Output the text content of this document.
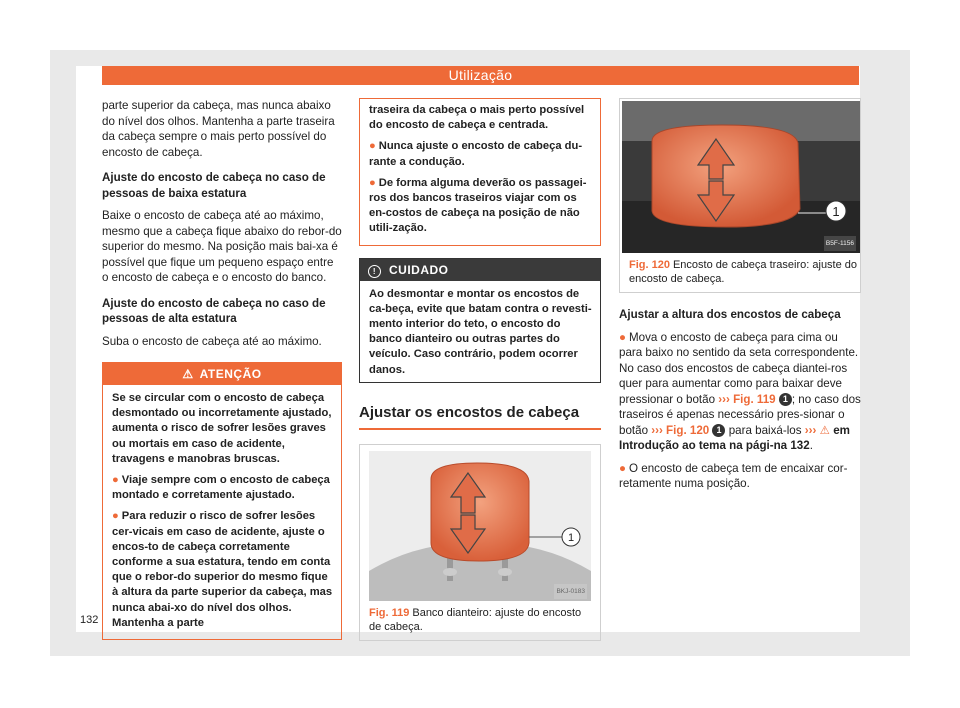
Utilização

parte superior da cabeça, mas nunca abaixo do nível dos olhos. Mantenha a parte traseira da cabeça sempre o mais perto possível do encosto de cabeça.

Ajuste do encosto de cabeça no caso de pessoas de baixa estatura

Baixe o encosto de cabeça até ao máximo, mesmo que a cabeça fique abaixo do rebor-do superior do mesmo. Na posição mais bai-xa é possível que fique um pequeno espaço entre o encosto de cabeça e o encosto do banco.

Ajuste do encosto de cabeça no caso de pessoas de alta estatura

Suba o encosto de cabeça até ao máximo.

⚠ ATENÇÃO

Se se circular com o encosto de cabeça desmontado ou incorretamente ajustado, aumenta o risco de sofrer lesões graves ou mortais em caso de acidente, travagens e manobras bruscas.

● Viaje sempre com o encosto de cabeça montado e corretamente ajustado.

● Para reduzir o risco de sofrer lesões cer-vicais em caso de acidente, ajuste o encos-to de cabeça corretamente conforme a sua estatura, tendo em conta que o rebor-do superior do mesmo fique à altura da parte superior da cabeça, mas nunca abai-xo do nível dos olhos. Mantenha a parte

traseira da cabeça o mais perto possível do encosto de cabeça e centrada.

● Nunca ajuste o encosto de cabeça du-rante a condução.

● De forma alguma deverão os passagei-ros dos bancos traseiros viajar com os en-costos de cabeça na posição de não utili-zação.

! CUIDADO
Ao desmontar e montar os encostos de ca-beça, evite que batam contra o revesti-mento interior do teto, o encosto do banco dianteiro ou outras partes do veículo. Caso contrário, podem ocorrer danos.
Ajustar os encostos de cabeça
1
BKJ-0183
Fig. 119 Banco dianteiro: ajuste do encosto de cabeça.
1
B5F-1156
Fig. 120 Encosto de cabeça traseiro: ajuste do encosto de cabeça.

Ajustar a altura dos encostos de cabeça

● Mova o encosto de cabeça para cima ou para baixo no sentido da seta correspondente. No caso dos encostos de cabeça diantei-ros quer para aumentar como para baixar deve pressionar o botão ››› Fig. 119 1 ; no caso dos traseiros é apenas necessário pres-sionar o botão ››› Fig. 120 1 para baixá-los ››› ⚠ em Introdução ao tema na pági-na 132.

● O encosto de cabeça tem de encaixar cor-retamente numa posição.

132
